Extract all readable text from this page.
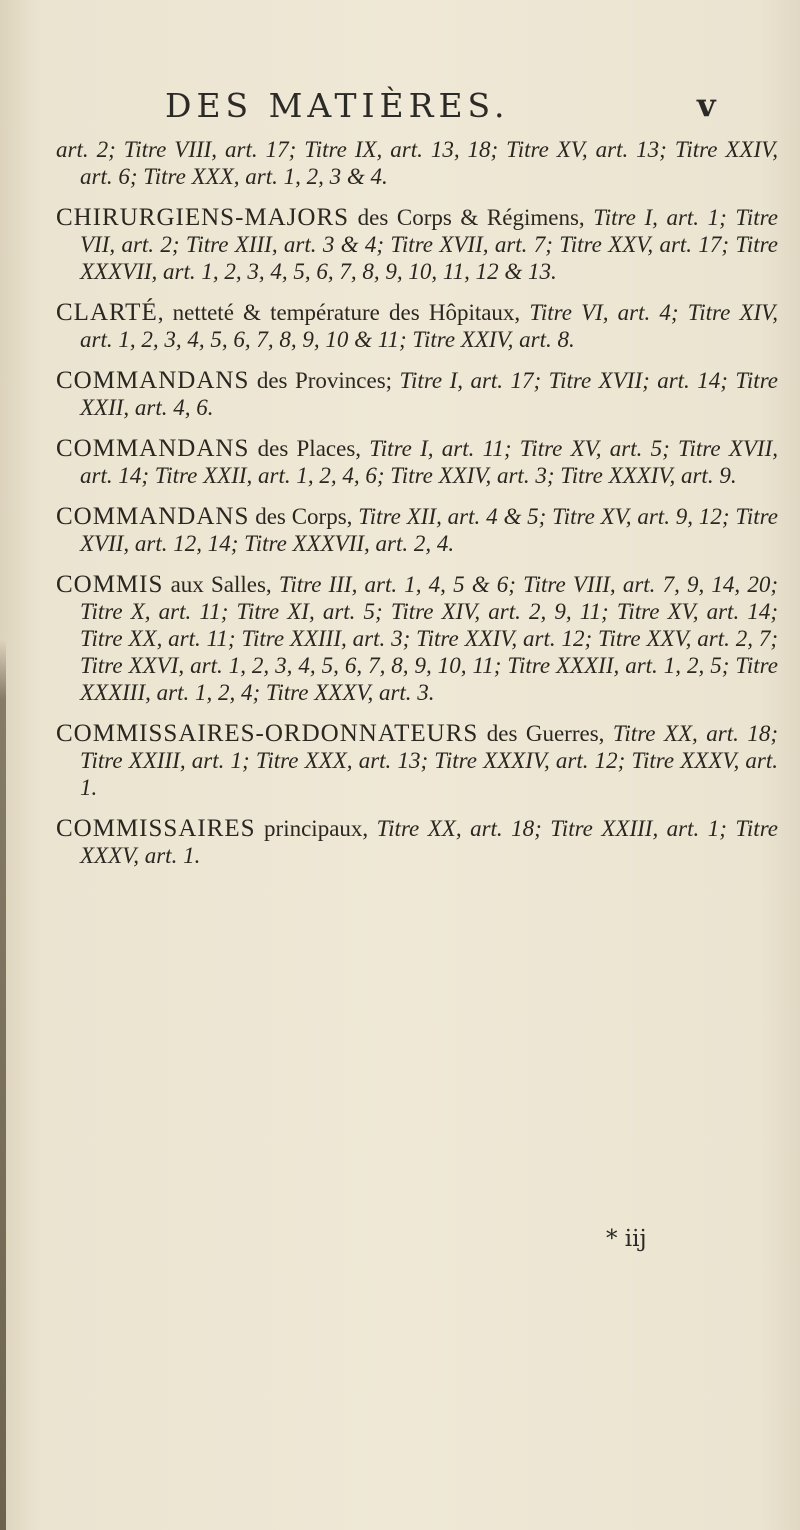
DES MATIÈRES.	v

art. 2; Titre VIII, art. 17; Titre IX, art. 13, 18; Titre XV, art. 13; Titre XXIV, art. 6; Titre XXX, art. 1, 2, 3 & 4.

CHIRURGIENS-MAJORS des Corps & Régimens, Titre I, art. 1; Titre VII, art. 2; Titre XIII, art. 3 & 4; Titre XVII, art. 7; Titre XXV, art. 17; Titre XXXVII, art. 1, 2, 3, 4, 5, 6, 7, 8, 9, 10, 11, 12 & 13.

CLARTÉ, netteté & température des Hôpitaux, Titre VI, art. 4; Titre XIV, art. 1, 2, 3, 4, 5, 6, 7, 8, 9, 10 & 11; Titre XXIV, art. 8.

COMMANDANS des Provinces; Titre I, art. 17; Titre XVII; art. 14; Titre XXII, art. 4, 6.

COMMANDANS des Places, Titre I, art. 11; Titre XV, art. 5; Titre XVII, art. 14; Titre XXII, art. 1, 2, 4, 6; Titre XXIV, art. 3; Titre XXXIV, art. 9.

COMMANDANS des Corps, Titre XII, art. 4 & 5; Titre XV, art. 9, 12; Titre XVII, art. 12, 14; Titre XXXVII, art. 2, 4.

COMMIS aux Salles, Titre III, art. 1, 4, 5 & 6; Titre VIII, art. 7, 9, 14, 20; Titre X, art. 11; Titre XI, art. 5; Titre XIV, art. 2, 9, 11; Titre XV, art. 14; Titre XX, art. 11; Titre XXIII, art. 3; Titre XXIV, art. 12; Titre XXV, art. 2, 7; Titre XXVI, art. 1, 2, 3, 4, 5, 6, 7, 8, 9, 10, 11; Titre XXXII, art. 1, 2, 5; Titre XXXIII, art. 1, 2, 4; Titre XXXV, art. 3.

COMMISSAIRES-ORDONNATEURS des Guerres, Titre XX, art. 18; Titre XXIII, art. 1; Titre XXX, art. 13; Titre XXXIV, art. 12; Titre XXXV, art. 1.

COMMISSAIRES principaux, Titre XX, art. 18; Titre XXIII, art. 1; Titre XXXV, art. 1.

* iij
